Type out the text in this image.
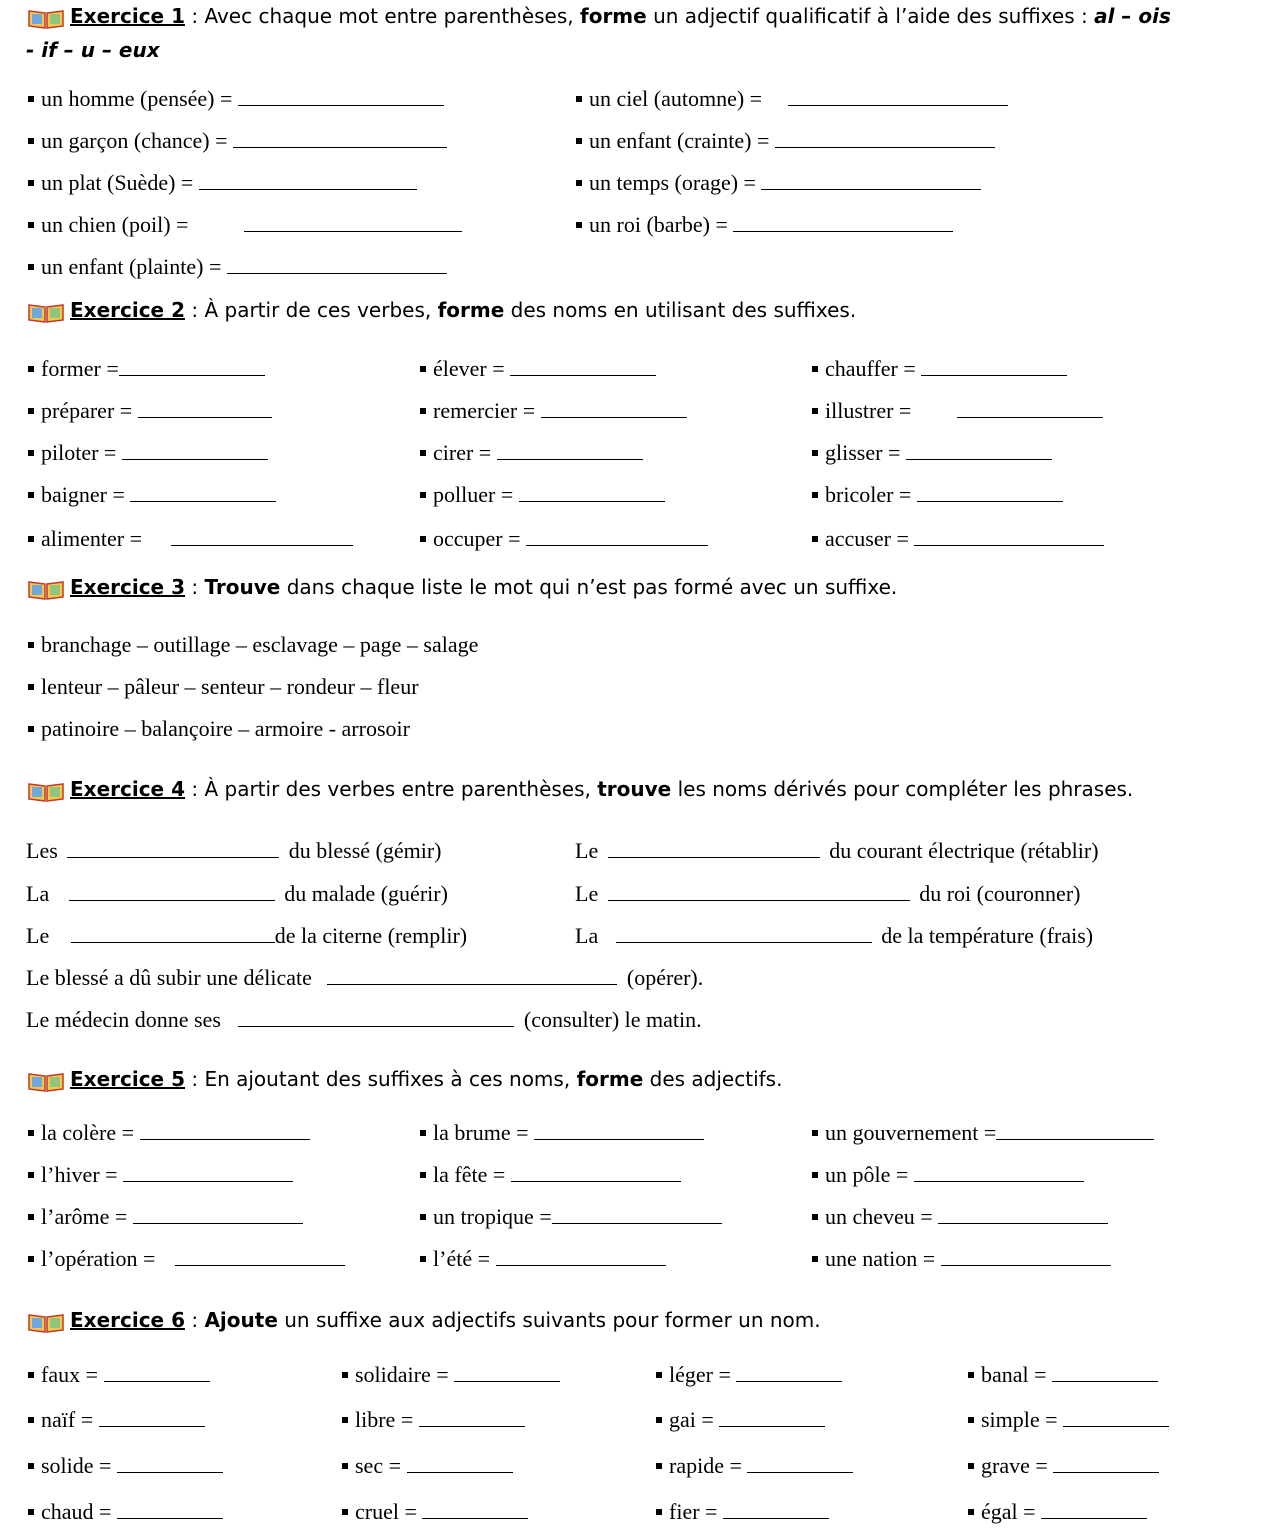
Exercice 1 : Avec chaque mot entre parenthèses, forme un adjectif qualificatif à l’aide des suffixes : al – ois
- if – u – eux
un homme (pensée) =	un ciel (automne) =
un garçon (chance) =	un enfant (crainte) =
un plat (Suède) =	un temps (orage) =
un chien (poil) =	un roi (barbe) =
un enfant (plainte) =
Exercice 2 : À partir de ces verbes, forme des noms en utilisant des suffixes.
former =	élever =	chauffer =
préparer =	remercier =	illustrer =
piloter =	cirer =	glisser =
baigner =	polluer =	bricoler =
alimenter =	occuper =	accuser =
Exercice 3 : Trouve dans chaque liste le mot qui n’est pas formé avec un suffixe.
branchage – outillage – esclavage – page – salage
lenteur – pâleur – senteur – rondeur – fleur
patinoire – balançoire – armoire - arrosoir
Exercice 4 : À partir des verbes entre parenthèses, trouve les noms dérivés pour compléter les phrases.
Les	du blessé (gémir)	Le	du courant électrique (rétablir)
La	du malade (guérir)	Le	du roi (couronner)
Le	de la citerne (remplir)	La	de la température (frais)
Le blessé a dû subir une délicate	(opérer).
Le médecin donne ses	(consulter) le matin.
Exercice 5 : En ajoutant des suffixes à ces noms, forme des adjectifs.
la colère =	la brume =	un gouvernement =
l’hiver =	la fête =	un pôle =
l’arôme =	un tropique =	un cheveu =
l’opération =	l’été =	une nation =
Exercice 6 : Ajoute un suffixe aux adjectifs suivants pour former un nom.
faux =	solidaire =	léger =	banal =
naïf =	libre =	gai =	simple =
solide =	sec =	rapide =	grave =
chaud =	cruel =	fier =	égal =
